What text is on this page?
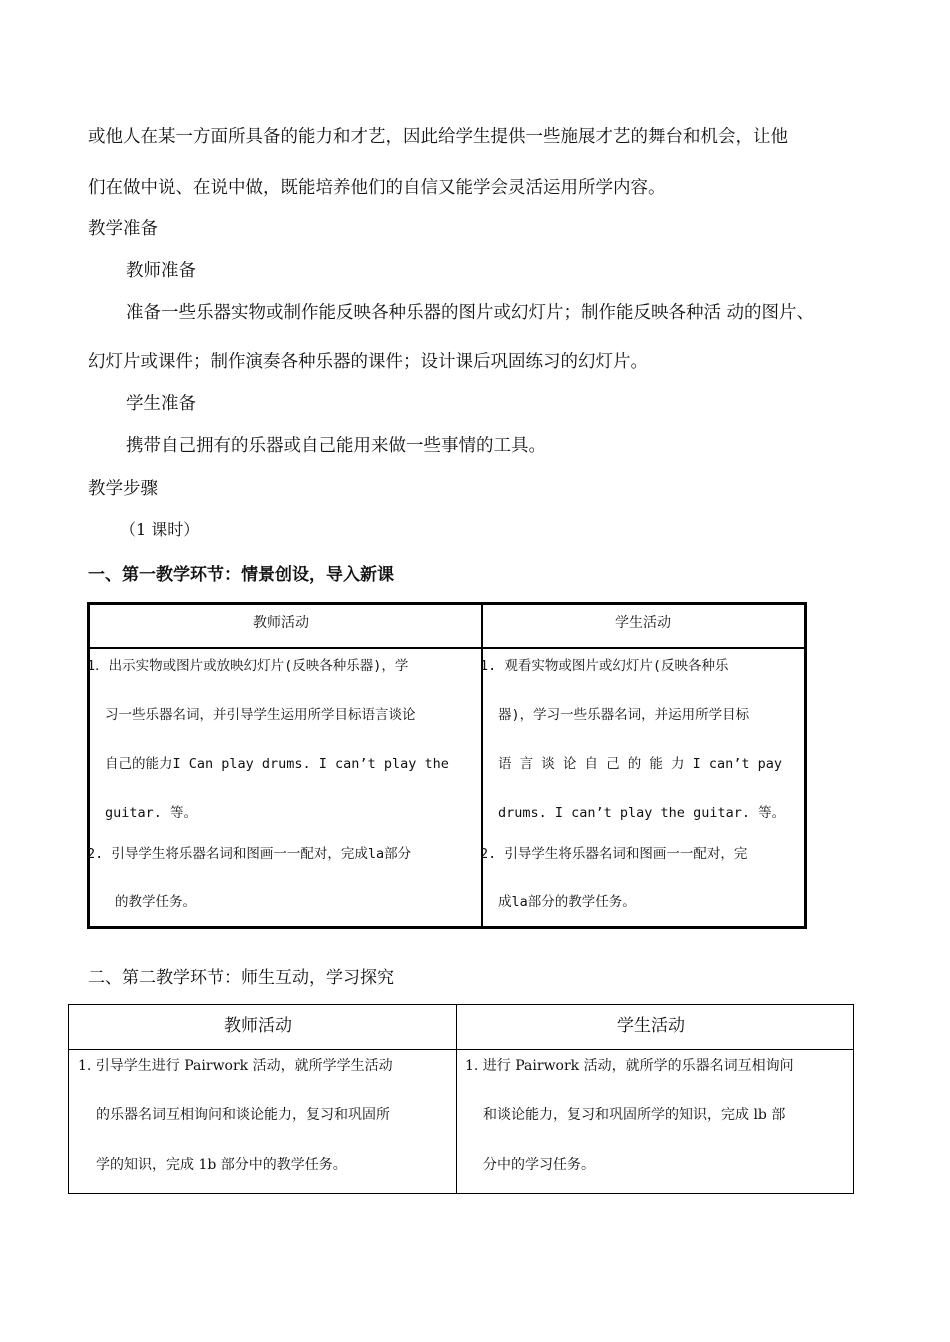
或他人在某一方面所具备的能力和才艺，因此给学生提供一些施展才艺的舞台和机会，让他
们在做中说、在说中做，既能培养他们的自信又能学会灵活运用所学内容。
教学准备
教师准备
准备一些乐器实物或制作能反映各种乐器的图片或幻灯片；制作能反映各种活 动的图片、
幻灯片或课件；制作演奏各种乐器的课件；设计课后巩固练习的幻灯片。
学生准备
携带自己拥有的乐器或自己能用来做一些事情的工具。
教学步骤
（1 课时）
一、第一教学环节：情景创设，导入新课
教师活动	学生活动
1．出示实物或图片或放映幻灯片(反映各种乐器)，学
习一些乐器名词，并引导学生运用所学目标语言谈论
自己的能力I Can play drums. I can’t play the
guitar. 等。
2. 引导学生将乐器名词和图画一一配对，完成la部分
的教学任务。
1. 观看实物或图片或幻灯片(反映各种乐
器)，学习一些乐器名词，并运用所学目标
语 言 谈 论 自 己 的 能 力 I can’t pay
drums. I can’t play the guitar. 等。
2. 引导学生将乐器名词和图画一一配对，完
成la部分的教学任务。
二、第二教学环节：师生互动，学习探究
教师活动	学生活动
1. 引导学生进行 Pairwork 活动，就所学学生活动
的乐器名词互相询问和谈论能力，复习和巩固所
学的知识，完成 1b 部分中的教学任务。
1. 进行 Pairwork 活动，就所学的乐器名词互相询问
和谈论能力，复习和巩固所学的知识，完成 lb 部
分中的学习任务。
